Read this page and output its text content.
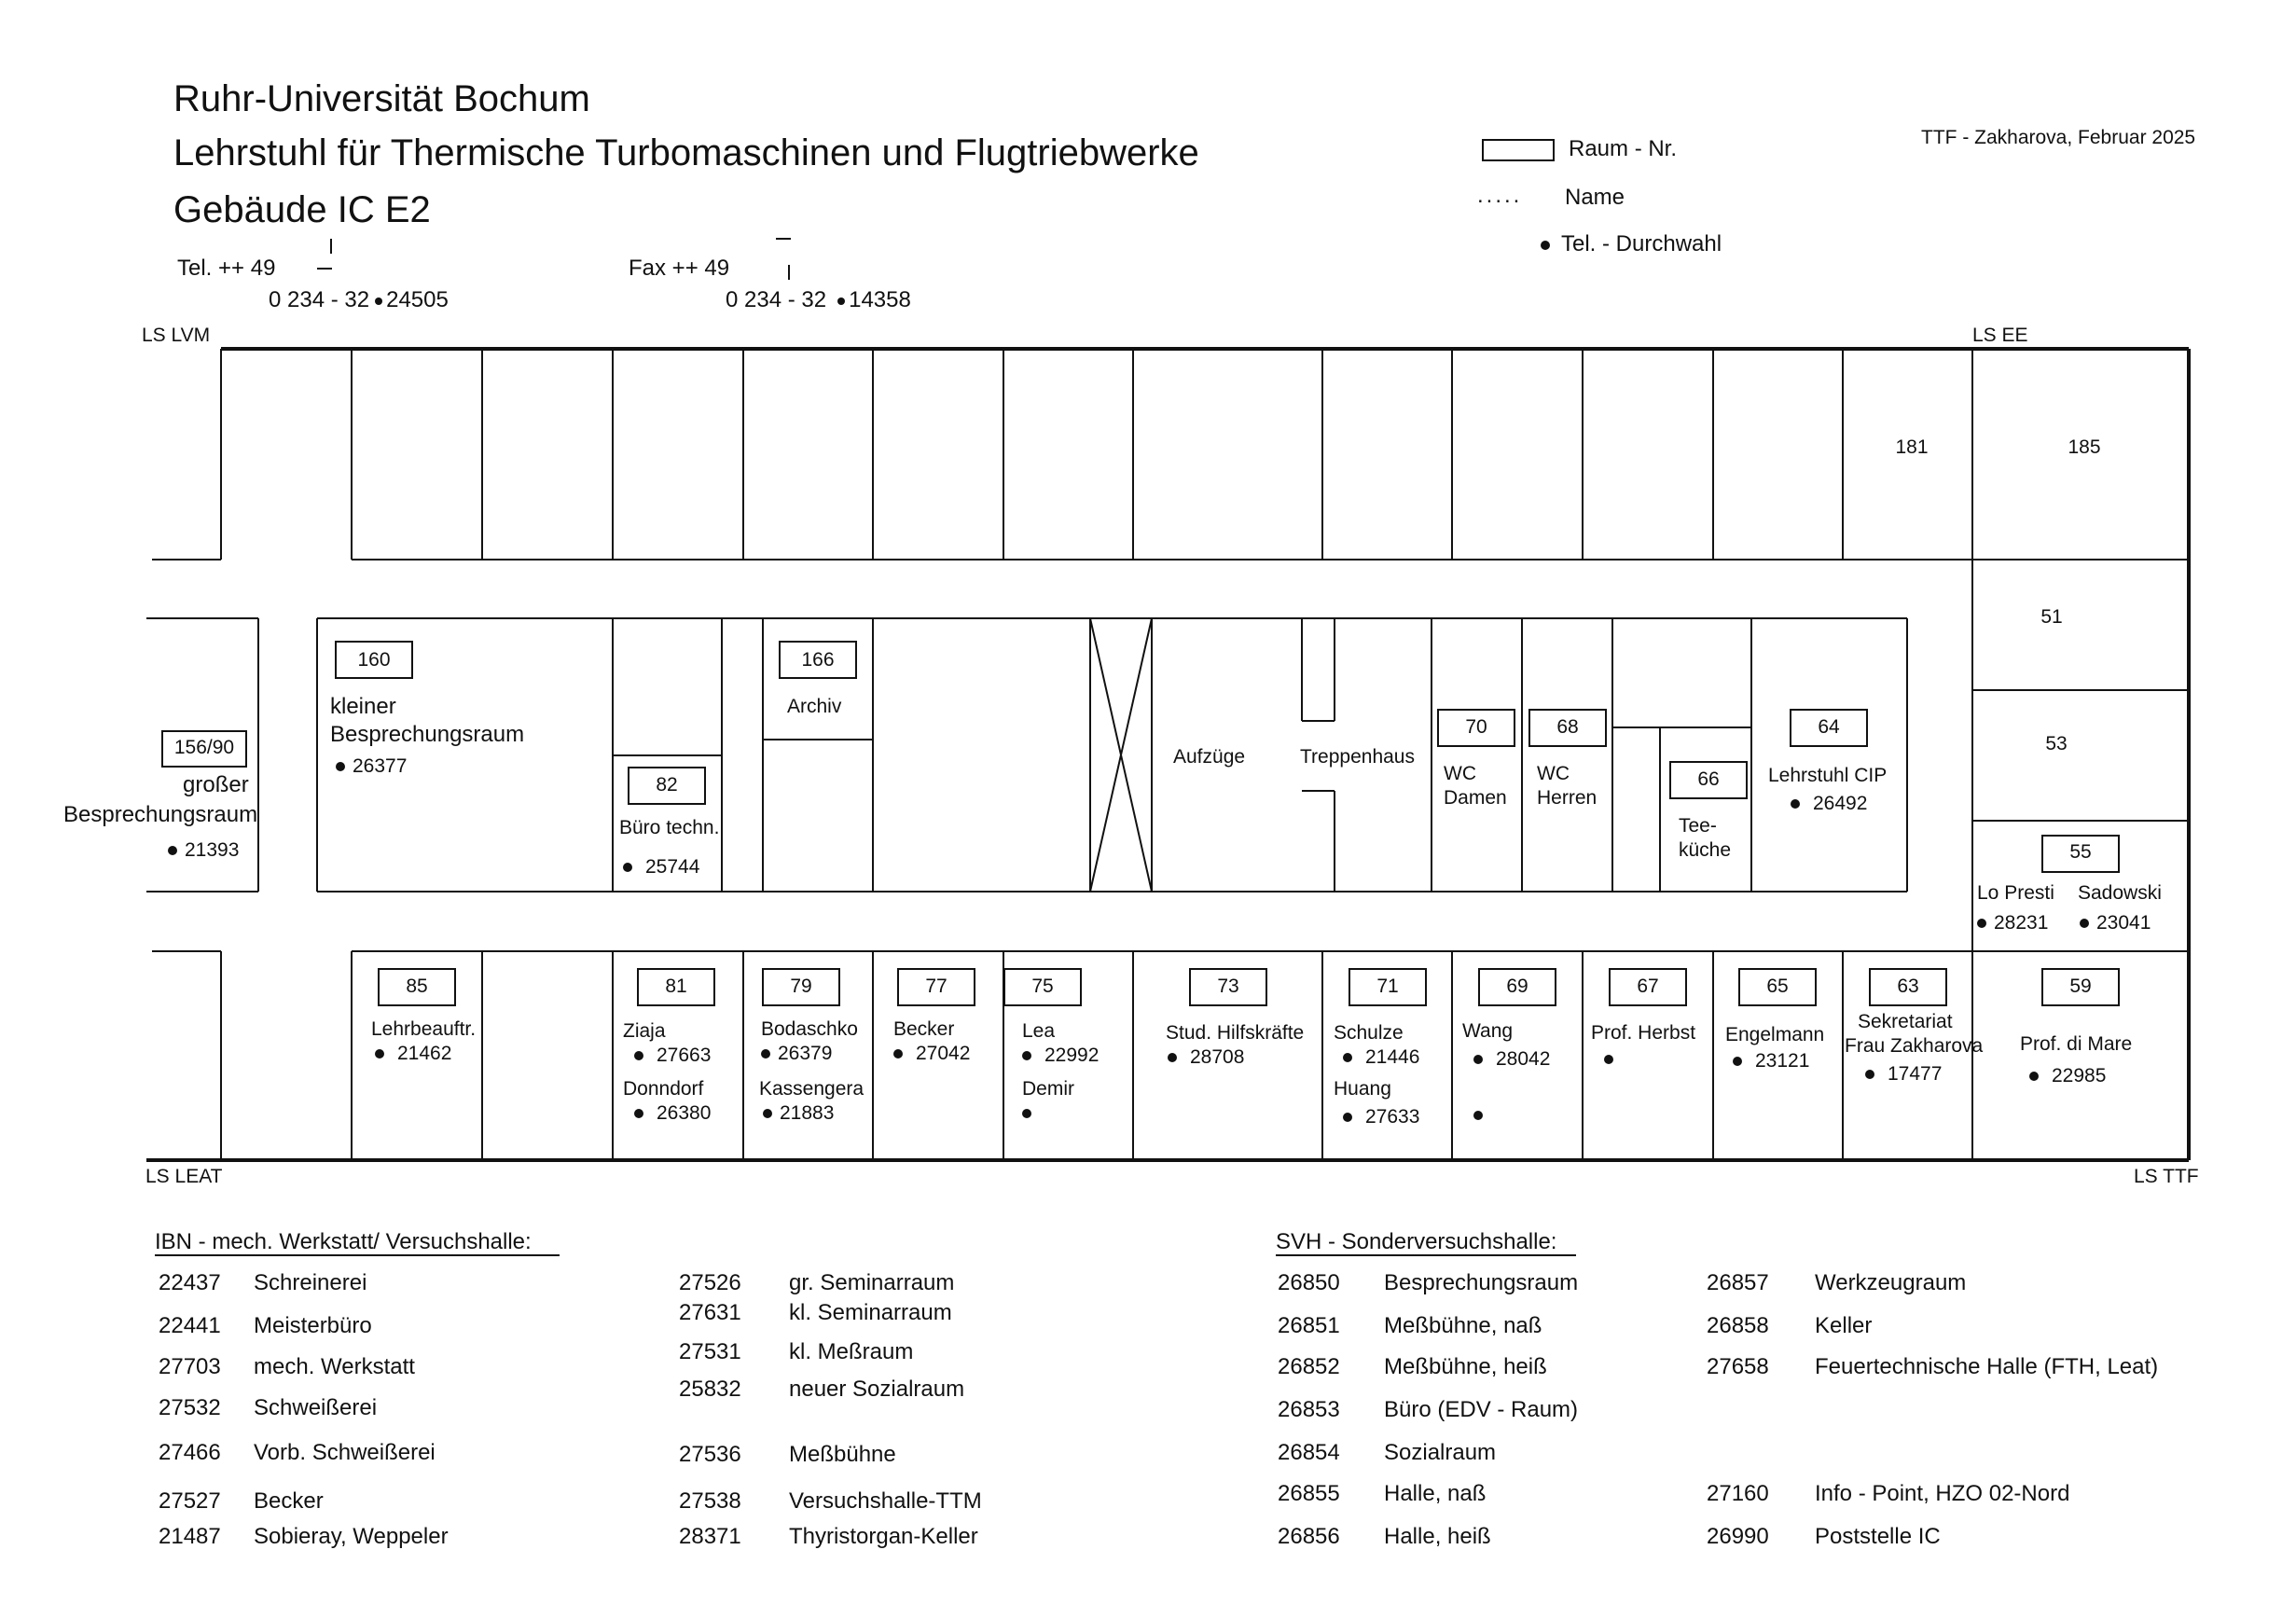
Ruhr-Universität Bochum
Lehrstuhl für Thermische Turbomaschinen und Flugtriebwerke
Gebäude IC E2
Tel. ++ 49
0 234 - 32 24505
Fax ++ 49
0 234 - 32 14358
Raum - Nr.
..... Name
Tel. - Durchwahl
TTF - Zakharova, Februar 2025
LS LVM	LS EE
LS LEAT	LS TTF
181	185
51
53
55
Lo Presti
28231
Sadowski
23041
156/90
großer
Besprechungsraum
21393
160
kleiner
Besprechungsraum
26377
82
Büro techn.
25744
166
Archiv
Aufzüge	Treppenhaus
70
WC
Damen
68
WC
Herren
66
Tee-
küche
64
Lehrstuhl CIP
26492
85
Lehrbeauftr.
21462
81
Ziaja
27663
Donndorf
26380
79
Bodaschko
26379
Kassengera
21883
77
Becker
27042
75
Lea
22992
Demir
73
Stud. Hilfskräfte
28708
71
Schulze
21446
Huang
27633
69
Wang
28042
67
Prof. Herbst
65
Engelmann
23121
63
Sekretariat
Frau Zakharova
17477
59
Prof. di Mare
22985
IBN - mech. Werkstatt/ Versuchshalle:	SVH - Sonderversuchshalle:
22437 Schreinerei
22441 Meisterbüro
27703 mech. Werkstatt
27532 Schweißerei
27466 Vorb. Schweißerei
27527 Becker
21487 Sobieray, Weppeler
27526 gr. Seminarraum
27631 kl. Seminarraum
27531 kl. Meßraum
25832 neuer Sozialraum
27536 Meßbühne
27538 Versuchshalle-TTM
28371 Thyristorgan-Keller
26850 Besprechungsraum
26851 Meßbühne, naß
26852 Meßbühne, heiß
26853 Büro (EDV - Raum)
26854 Sozialraum
26855 Halle, naß
26856 Halle, heiß
26857 Werkzeugraum
26858 Keller
27658 Feuertechnische Halle (FTH, Leat)
27160 Info - Point, HZO 02-Nord
26990 Poststelle IC
